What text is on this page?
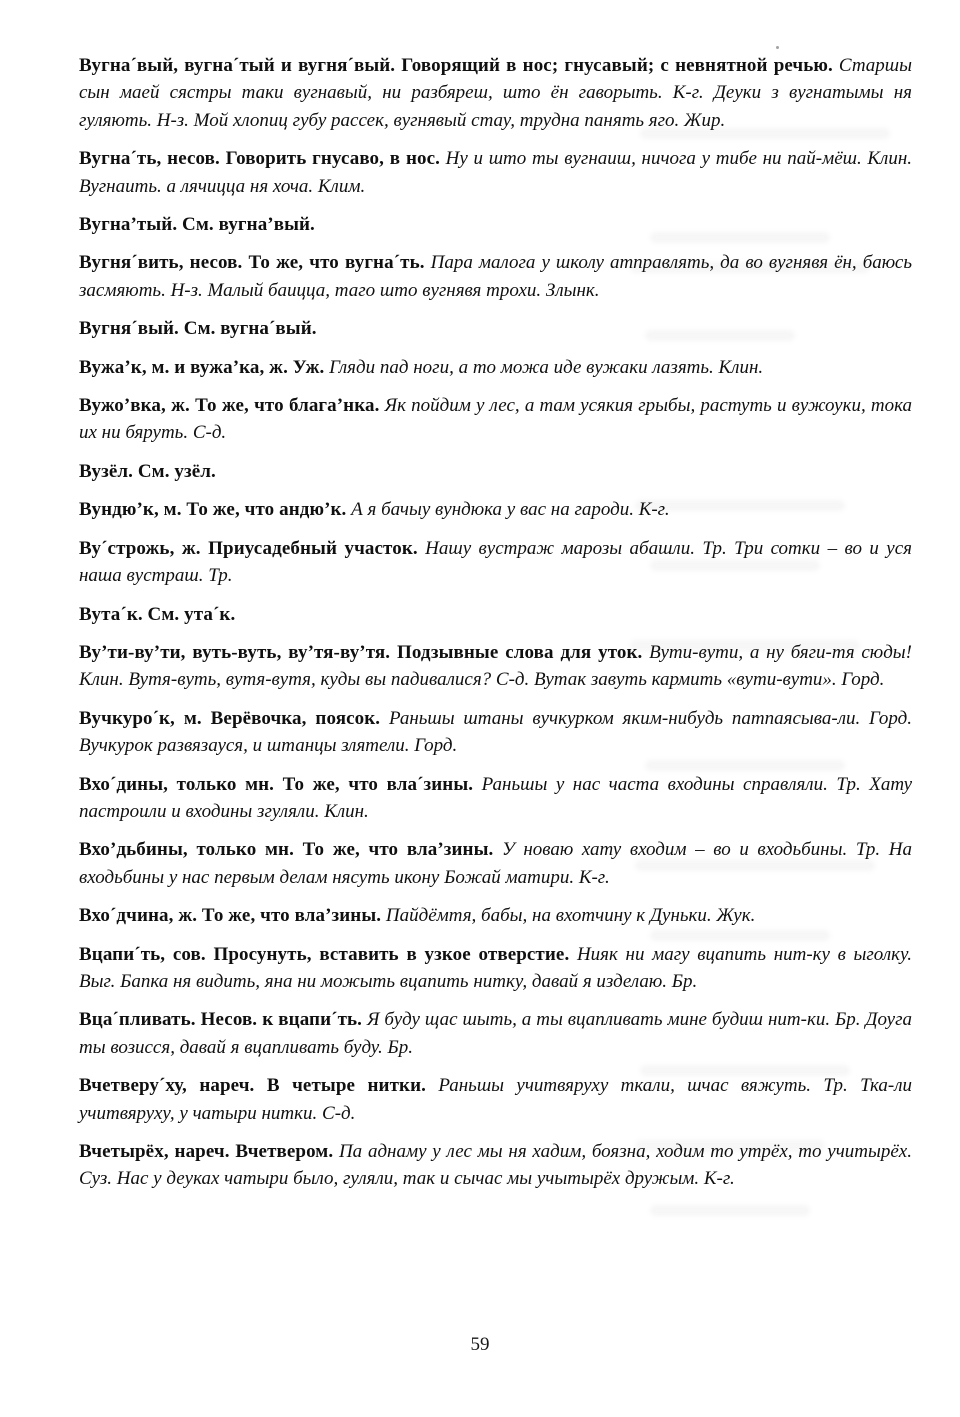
Вугна´вый, вугна´тый и вугня´вый. Говорящий в нос; гнусавый; с невнятной речью. Старшы сын маей сястры таки вугнавый, ни разбяреш, што ён гаворыть. К-г. Деуки з вугнатымы ня гуляють. Н-з. Мой хлопиц губу рассек, вугнявый стау, трудна панять яго. Жир.

Вугна´ть, несов. Говорить гнусаво, в нос. Ну и што ты вугнаиш, ничога у тибе ни пай-мёш. Клин. Вугнаить. а лячицца ня хоча. Клим.

Вугна’тый. См. вугна’вый.

Вугня´вить, несов. То же, что вугна´ть. Пара малога у школу атправлять, да во вугнявя ён, баюсь засмяють. Н-з. Малый баицца, таго што вугнявя трохи. Злынк.

Вугня´вый. См. вугна´вый.

Вужа’к, м. и вужа’ка, ж. Уж. Гляди пад ноги, а то можа иде вужаки лазять. Клин.

Вужо’вка, ж. То же, что блага’нка. Як пойдим у лес, а там усякия грыбы, растуть и вужоуки, тока их ни бяруть. С-д.

Вузёл. См. узёл.

Вундю’к, м. То же, что андю’к. А я бачыу вундюка у вас на гароди. К-г.

Ву´строжь, ж. Приусадебный участок. Нашу вустраж марозы абашли. Тр. Три сотки – во и уся наша вустраш. Тр.

Вута´к. См. ута´к.

Ву’ти-ву’ти, вуть-вуть, ву’тя-ву’тя. Подзывные слова для уток. Вути-вути, а ну бяги-тя сюды! Клин. Вутя-вуть, вутя-вутя, куды вы падивалися? С-д. Вутак завуть кармить «вути-вути». Горд.

Вучкуро´к, м. Верёвочка, поясок. Раньшы штаны вучкурком яким-нибудь патпаясыва-ли. Горд. Вучкурок развязауся, и штанцы злятели. Горд.

Вхо´дины, только мн. То же, что вла´зины. Раньшы у нас часта входины справляли. Тр. Хату пастроили и входины згуляли. Клин.

Вхо’дьбины, только мн. То же, что вла’зины. У новаю хату входим – во и входьбины. Тр. На входьбины у нас первым делам нясуть икону Божай матири. К-г.

Вхо´дчина, ж. То же, что вла’зины. Пайдёмтя, бабы, на вхотчину к Дуньки. Жук.

Вцапи´ть, сов. Просунуть, вставить в узкое отверстие. Нияк ни магу вцапить нит-ку в ыголку. Выг. Бапка ня видить, яна ни можыть вцапить нитку, давай я изделаю. Бр.

Вца´пливать. Несов. к вцапи´ть. Я буду щас шыть, а ты вцапливать мине будиш нит-ки. Бр. Доуга ты возисся, давай я вцапливать буду. Бр.

Вчетверу´ху, нареч. В четыре нитки. Раньшы учитвяруху ткали, шчас вяжуть. Тр. Тка-ли учитвяруху, у чатыри нитки. С-д.

Вчетырёх, нареч. Вчетвером. Па аднаму у лес мы ня хадим, боязна, ходим то утрёх, то учитырёх. Суз. Нас у деуках чатыри было, гуляли, так и сычас мы учытырёх дружым. К-г.

59
